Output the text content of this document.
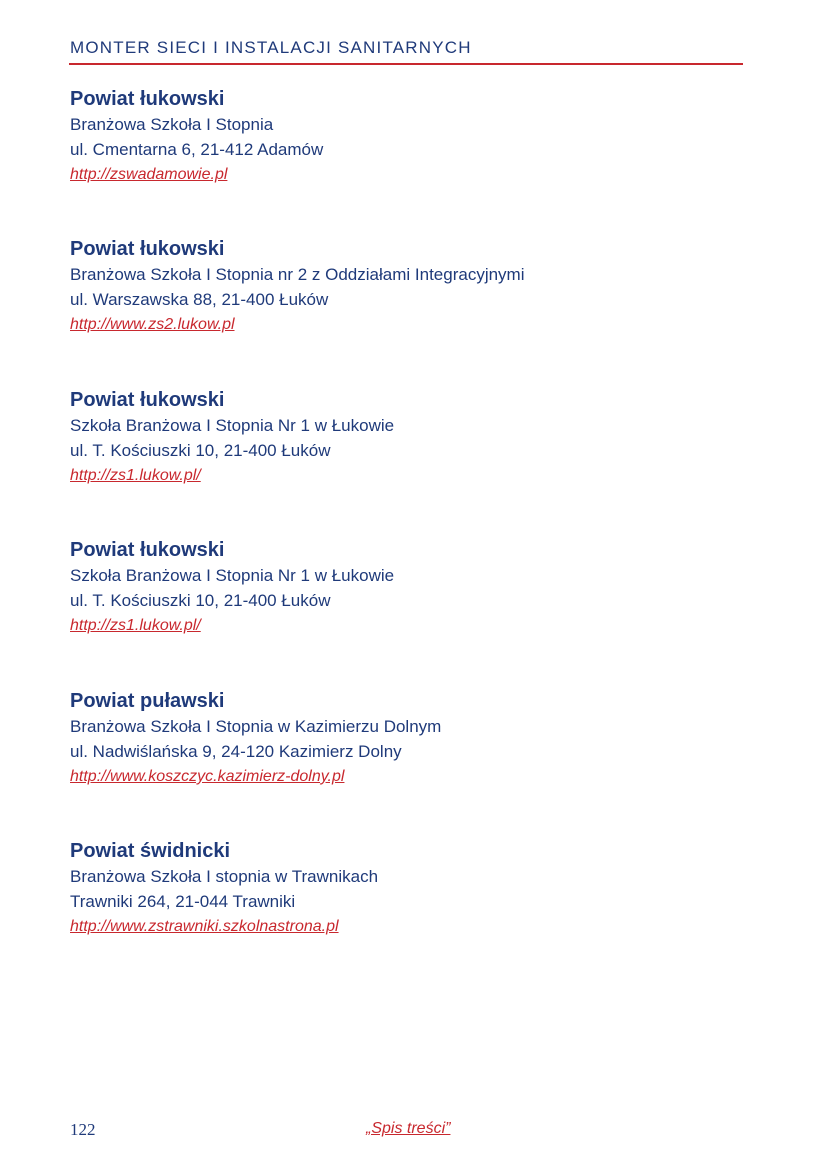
MONTER SIECI I INSTALACJI SANITARNYCH
Powiat łukowski
Branżowa Szkoła I Stopnia
ul. Cmentarna 6, 21-412 Adamów
http://zswadamowie.pl
Powiat łukowski
Branżowa Szkoła I Stopnia nr 2 z Oddziałami Integracyjnymi
ul. Warszawska 88, 21-400 Łuków
http://www.zs2.lukow.pl
Powiat łukowski
Szkoła Branżowa I Stopnia Nr 1 w Łukowie
ul. T. Kościuszki 10, 21-400 Łuków
http://zs1.lukow.pl/
Powiat łukowski
Szkoła Branżowa I Stopnia Nr 1 w Łukowie
ul. T. Kościuszki 10, 21-400 Łuków
http://zs1.lukow.pl/
Powiat puławski
Branżowa Szkoła I Stopnia w Kazimierzu Dolnym
ul. Nadwiślańska 9, 24-120 Kazimierz Dolny
http://www.koszczyc.kazimierz-dolny.pl
Powiat świdnicki
Branżowa Szkoła I stopnia w Trawnikach
Trawniki 264, 21-044 Trawniki
http://www.zstrawniki.szkolnastrona.pl
122	„Spis treści”
